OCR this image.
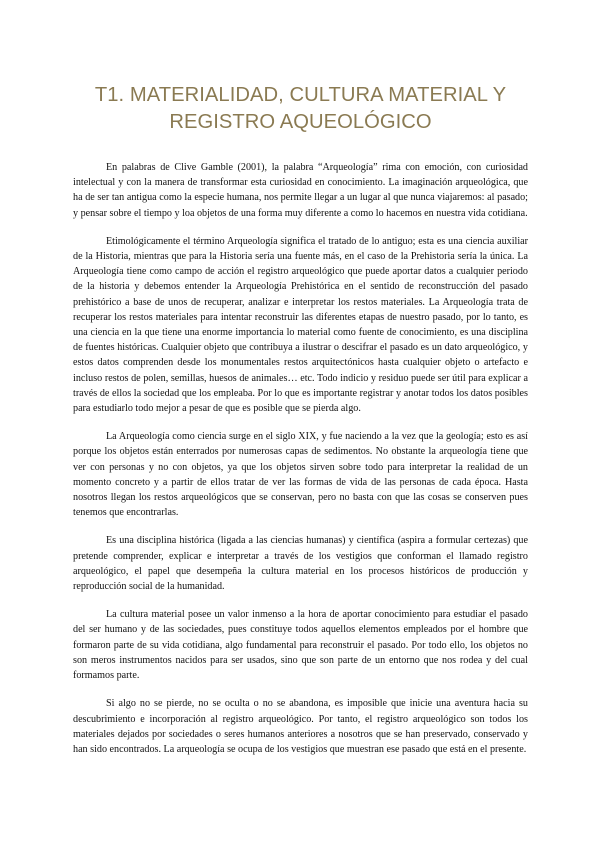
T1. MATERIALIDAD, CULTURA MATERIAL Y
REGISTRO AQUEOLÓGICO

En palabras de Clive Gamble (2001), la palabra “Arqueología” rima con emoción, con curiosidad intelectual y con la manera de transformar esta curiosidad en conocimiento. La imaginación arqueológica, que ha de ser tan antigua como la especie humana, nos permite llegar a un lugar al que nunca viajaremos: al pasado; y pensar sobre el tiempo y loa objetos de una forma muy diferente a como lo hacemos en nuestra vida cotidiana.

Etimológicamente el término Arqueología significa el tratado de lo antiguo; esta es una ciencia auxiliar de la Historia, mientras que para la Historia sería una fuente más, en el caso de la Prehistoria sería la única. La Arqueología tiene como campo de acción el registro arqueológico que puede aportar datos a cualquier periodo de la historia y debemos entender la Arqueología Prehistórica en el sentido de reconstrucción del pasado prehistórico a base de unos de recuperar, analizar e interpretar los restos materiales. La Arqueología trata de recuperar los restos materiales para intentar reconstruir las diferentes etapas de nuestro pasado, por lo tanto, es una ciencia en la que tiene una enorme importancia lo material como fuente de conocimiento, es una disciplina de fuentes históricas. Cualquier objeto que contribuya a ilustrar o descifrar el pasado es un dato arqueológico, y estos datos comprenden desde los monumentales restos arquitectónicos hasta cualquier objeto o artefacto e incluso restos de polen, semillas, huesos de animales… etc. Todo indicio y residuo puede ser útil para explicar a través de ellos la sociedad que los empleaba. Por lo que es importante registrar y anotar todos los datos posibles para estudiarlo todo mejor a pesar de que es posible que se pierda algo.

La Arqueología como ciencia surge en el siglo XIX, y fue naciendo a la vez que la geología; esto es así porque los objetos están enterrados por numerosas capas de sedimentos. No obstante la arqueología tiene que ver con personas y no con objetos, ya que los objetos sirven sobre todo para interpretar la realidad de un momento concreto y a partir de ellos tratar de ver las formas de vida de las personas de cada época. Hasta nosotros llegan los restos arqueológicos que se conservan, pero no basta con que las cosas se conserven pues tenemos que encontrarlas.

Es una disciplina histórica (ligada a las ciencias humanas) y científica (aspira a formular certezas) que pretende comprender, explicar e interpretar a través de los vestigios que conforman el llamado registro arqueológico, el papel que desempeña la cultura material en los procesos históricos de producción y reproducción social de la humanidad.

La cultura material posee un valor inmenso a la hora de aportar conocimiento para estudiar el pasado del ser humano y de las sociedades, pues constituye todos aquellos elementos empleados por el hombre que formaron parte de su vida cotidiana, algo fundamental para reconstruir el pasado. Por todo ello, los objetos no son meros instrumentos nacidos para ser usados, sino que son parte de un entorno que nos rodea y del cual formamos parte.

Si algo no se pierde, no se oculta o no se abandona, es imposible que inicie una aventura hacia su descubrimiento e incorporación al registro arqueológico. Por tanto, el registro arqueológico son todos los materiales dejados por sociedades o seres humanos anteriores a nosotros que se han preservado, conservado y han sido encontrados. La arqueología se ocupa de los vestigios que muestran ese pasado que está en el presente.
